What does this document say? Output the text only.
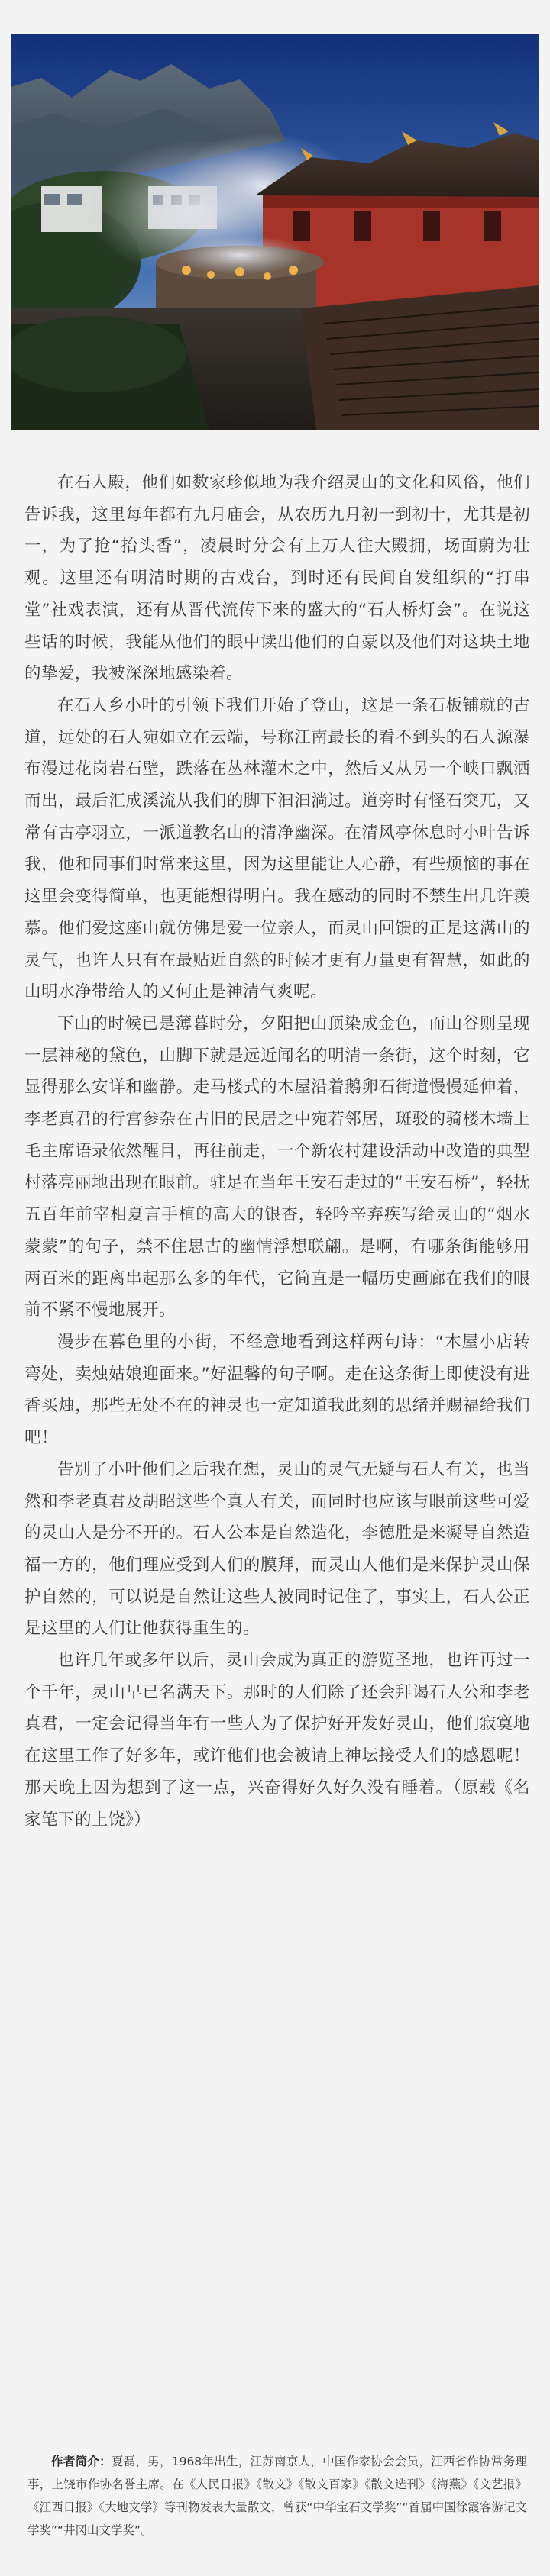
在石人殿，他们如数家珍似地为我介绍灵山的文化和风俗，他们告诉我，这里每年都有九月庙会，从农历九月初一到初十，尤其是初一，为了抢“抬头香”，凌晨时分会有上万人往大殿拥，场面蔚为壮观。这里还有明清时期的古戏台，到时还有民间自发组织的“打串堂”社戏表演，还有从晋代流传下来的盛大的“石人桥灯会”。在说这些话的时候，我能从他们的眼中读出他们的自豪以及他们对这块土地的挚爱，我被深深地感染着。

在石人乡小叶的引领下我们开始了登山，这是一条石板铺就的古道，远处的石人宛如立在云端，号称江南最长的看不到头的石人源瀑布漫过花岗岩石壁，跌落在丛林灌木之中，然后又从另一个峡口飘洒而出，最后汇成溪流从我们的脚下汩汩淌过。道旁时有怪石突兀，又常有古亭羽立，一派道教名山的清净幽深。在清风亭休息时小叶告诉我，他和同事们时常来这里，因为这里能让人心静，有些烦恼的事在这里会变得简单，也更能想得明白。我在感动的同时不禁生出几许羡慕。他们爱这座山就仿佛是爱一位亲人，而灵山回馈的正是这满山的灵气，也许人只有在最贴近自然的时候才更有力量更有智慧，如此的山明水净带给人的又何止是神清气爽呢。

下山的时候已是薄暮时分，夕阳把山顶染成金色，而山谷则呈现一层神秘的黛色，山脚下就是远近闻名的明清一条街，这个时刻，它显得那么安详和幽静。走马楼式的木屋沿着鹅卵石街道慢慢延伸着，李老真君的行宫参杂在古旧的民居之中宛若邻居，斑驳的骑楼木墙上毛主席语录依然醒目，再往前走，一个新农村建设活动中改造的典型村落亮丽地出现在眼前。驻足在当年王安石走过的“王安石桥”，轻抚五百年前宰相夏言手植的高大的银杏，轻吟辛弃疾写给灵山的“烟水蒙蒙”的句子，禁不住思古的幽情浮想联翩。是啊，有哪条街能够用两百米的距离串起那么多的年代，它简直是一幅历史画廊在我们的眼前不紧不慢地展开。

漫步在暮色里的小街，不经意地看到这样两句诗：“木屋小店转弯处，卖烛姑娘迎面来。”好温馨的句子啊。走在这条街上即使没有进香买烛，那些无处不在的神灵也一定知道我此刻的思绪并赐福给我们吧！

告别了小叶他们之后我在想，灵山的灵气无疑与石人有关，也当然和李老真君及胡昭这些个真人有关，而同时也应该与眼前这些可爱的灵山人是分不开的。石人公本是自然造化，李德胜是来凝导自然造福一方的，他们理应受到人们的膜拜，而灵山人他们是来保护灵山保护自然的，可以说是自然让这些人被同时记住了，事实上，石人公正是这里的人们让他获得重生的。

也许几年或多年以后，灵山会成为真正的游览圣地，也许再过一个千年，灵山早已名满天下。那时的人们除了还会拜谒石人公和李老真君，一定会记得当年有一些人为了保护好开发好灵山，他们寂寞地在这里工作了好多年，或许他们也会被请上神坛接受人们的感恩呢！那天晚上因为想到了这一点，兴奋得好久好久没有睡着。（原载《名家笔下的上饶》）

作者简介：夏磊，男，1968年出生，江苏南京人，中国作家协会会员，江西省作协常务理事，上饶市作协名誉主席。在《人民日报》《散文》《散文百家》《散文选刊》《海燕》《文艺报》《江西日报》《大地文学》等刊物发表大量散文，曾获“中华宝石文学奖”“首届中国徐霞客游记文学奖”“井冈山文学奖”。
